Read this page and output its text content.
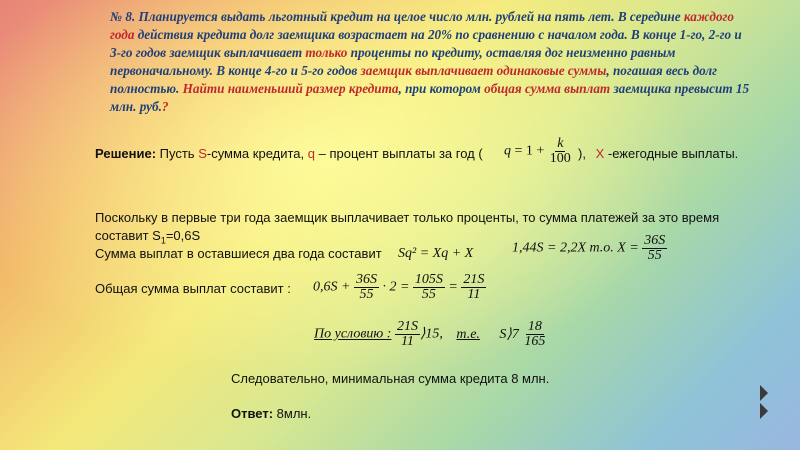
№ 8. Планируется выдать льготный кредит на целое число млн. рублей на пять лет. В середине каждого года действия кредита долг заемщика возрастает на 20% по сравнению с началом года. В конце 1-го, 2-го и 3-го годов заемщик выплачивает только проценты по кредиту, оставляя дог неизменно равным первоначальному. В конце 4-го и 5-го годов заемщик выплачивает одинаковые суммы, погашая весь долг полностью. Найти наименьший размер кредита, при котором общая сумма выплат заемщика превысит 15 млн. руб.?
Решение: Пусть S-сумма кредита, q – процент выплаты за год ( $q = 1 + \frac{k}{100}$ ), X -ежегодные выплаты.
Поскольку в первые три года заемщик выплачивает только проценты, то сумма платежей за это время
составит $S_1=0,6S$
Сумма выплат в оставшиеся два года составит Sq² = Xq + X	1,44S = 2,2X т.о. $X = \frac{36S}{55}$
Общая сумма выплат составит : $0,6S + \frac{36S}{55} \cdot 2 = \frac{105S}{55} = \frac{21S}{11}$
По условию : $\frac{21S}{11}$ ⟩15, т.е. S⟩7 $\frac{18}{165}$
Следовательно, минимальная сумма кредита 8 млн.
Ответ: 8млн.
